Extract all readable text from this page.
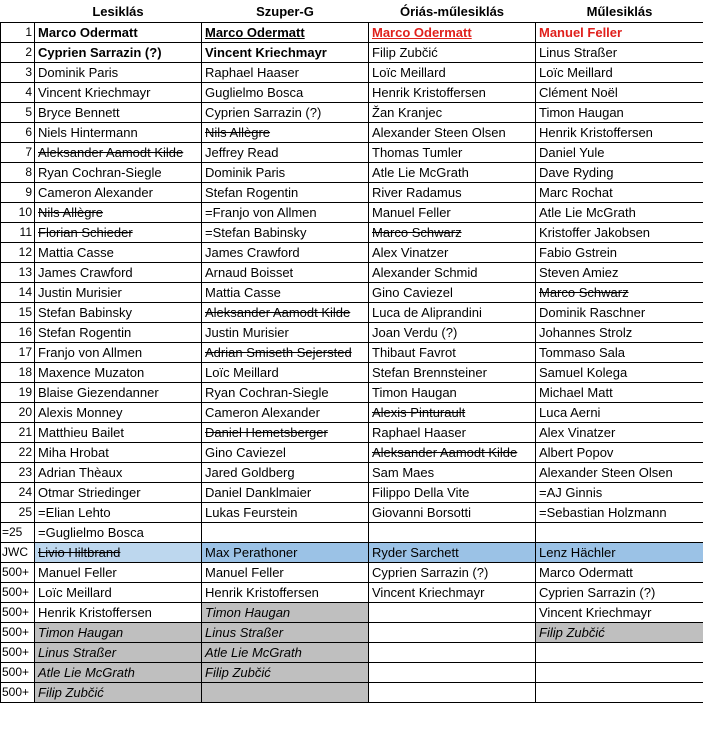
	Lesiklás	Szuper-G	Óriás-műlesiklás	Műlesiklás
1	Marco Odermatt	Marco Odermatt	Marco Odermatt	Manuel Feller
2	Cyprien Sarrazin (?)	Vincent Kriechmayr	Filip Zubčić	Linus Straßer
3	Dominik Paris	Raphael Haaser	Loïc Meillard	Loïc Meillard
4	Vincent Kriechmayr	Guglielmo Bosca	Henrik Kristoffersen	Clément Noël
5	Bryce Bennett	Cyprien Sarrazin (?)	Žan Kranjec	Timon Haugan
6	Niels Hintermann	Nils Allègre	Alexander Steen Olsen	Henrik Kristoffersen
7	Aleksander Aamodt Kilde	Jeffrey Read	Thomas Tumler	Daniel Yule
8	Ryan Cochran-Siegle	Dominik Paris	Atle Lie McGrath	Dave Ryding
9	Cameron Alexander	Stefan Rogentin	River Radamus	Marc Rochat
10	Nils Allègre	=Franjo von Allmen	Manuel Feller	Atle Lie McGrath
11	Florian Schieder	=Stefan Babinsky	Marco Schwarz	Kristoffer Jakobsen
12	Mattia Casse	James Crawford	Alex Vinatzer	Fabio Gstrein
13	James Crawford	Arnaud Boisset	Alexander Schmid	Steven Amiez
14	Justin Murisier	Mattia Casse	Gino Caviezel	Marco Schwarz
15	Stefan Babinsky	Aleksander Aamodt Kilde	Luca de Aliprandini	Dominik Raschner
16	Stefan Rogentin	Justin Murisier	Joan Verdu (?)	Johannes Strolz
17	Franjo von Allmen	Adrian Smiseth Sejersted	Thibaut Favrot	Tommaso Sala
18	Maxence Muzaton	Loïc Meillard	Stefan Brennsteiner	Samuel Kolega
19	Blaise Giezendanner	Ryan Cochran-Siegle	Timon Haugan	Michael Matt
20	Alexis Monney	Cameron Alexander	Alexis Pinturault	Luca Aerni
21	Matthieu Bailet	Daniel Hemetsberger	Raphael Haaser	Alex Vinatzer
22	Miha Hrobat	Gino Caviezel	Aleksander Aamodt Kilde	Albert Popov
23	Adrian Thèaux	Jared Goldberg	Sam Maes	Alexander Steen Olsen
24	Otmar Striedinger	Daniel Danklmaier	Filippo Della Vite	=AJ Ginnis
25	=Elian Lehto	Lukas Feurstein	Giovanni Borsotti	=Sebastian Holzmann
=25	=Guglielmo Bosca			
JWC	Livio Hiltbrand	Max Perathoner	Ryder Sarchett	Lenz Hächler
500+	Manuel Feller	Manuel Feller	Cyprien Sarrazin (?)	Marco Odermatt
500+	Loïc Meillard	Henrik Kristoffersen	Vincent Kriechmayr	Cyprien Sarrazin (?)
500+	Henrik Kristoffersen	Timon Haugan		Vincent Kriechmayr
500+	Timon Haugan	Linus Straßer		Filip Zubčić
500+	Linus Straßer	Atle Lie McGrath		
500+	Atle Lie McGrath	Filip Zubčić		
500+	Filip Zubčić			
